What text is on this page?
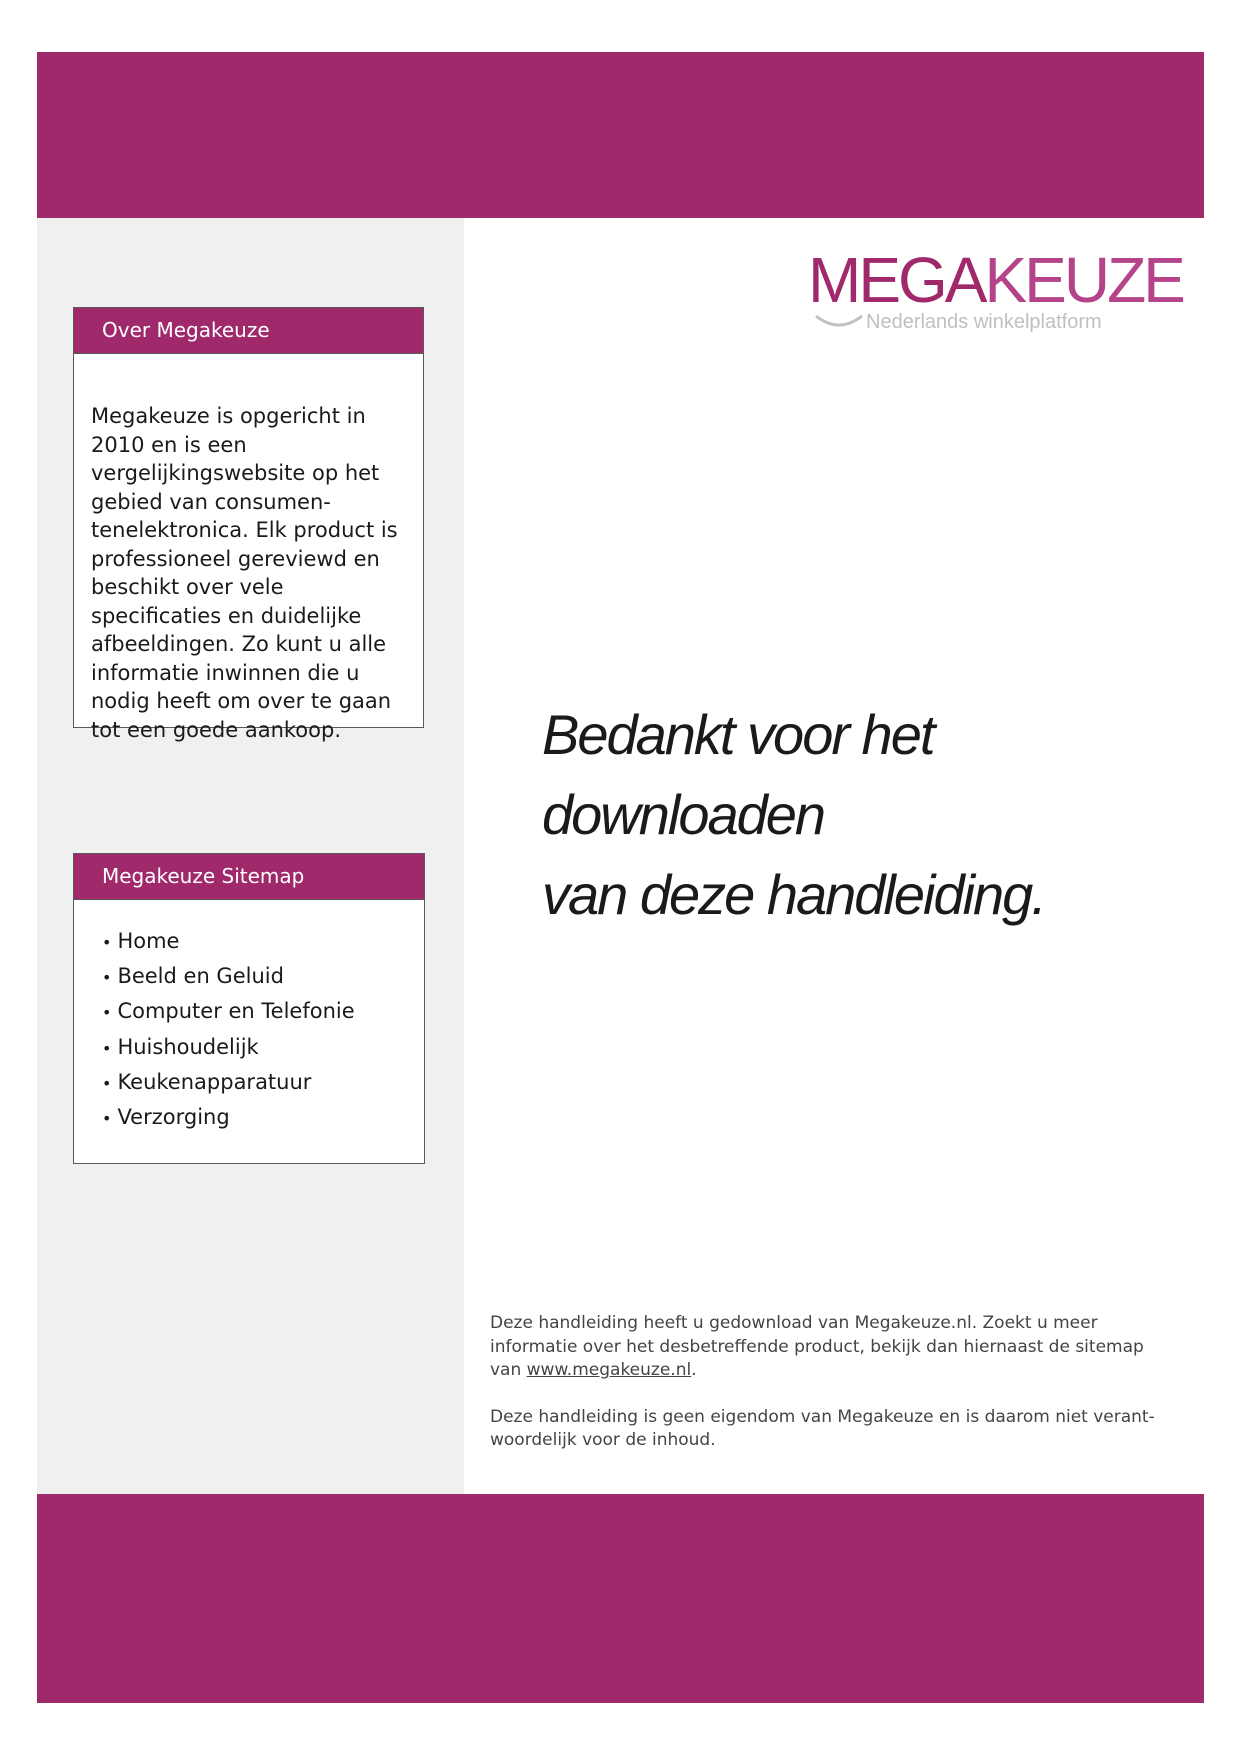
Over Megakeuze
Megakeuze is opgericht in 2010 en is een vergelijkingswebsite op het gebied van consumen-tenelektronica. Elk product is professioneel gereviewd en beschikt over vele specificaties en duidelijke afbeeldingen. Zo kunt u alle informatie inwinnen die u nodig heeft om over te gaan tot een goede aankoop.
Megakeuze Sitemap
• Home
• Beeld en Geluid
• Computer en Telefonie
• Huishoudelijk
• Keukenapparatuur
• Verzorging
MEGAKEUZE
Nederlands winkelplatform
Bedankt voor het downloaden
van deze handleiding.

Deze handleiding heeft u gedownload van Megakeuze.nl. Zoekt u meer informatie over het desbetreffende product, bekijk dan hiernaast de sitemap van www.megakeuze.nl.

Deze handleiding is geen eigendom van Megakeuze en is daarom niet verant-woordelijk voor de inhoud.
